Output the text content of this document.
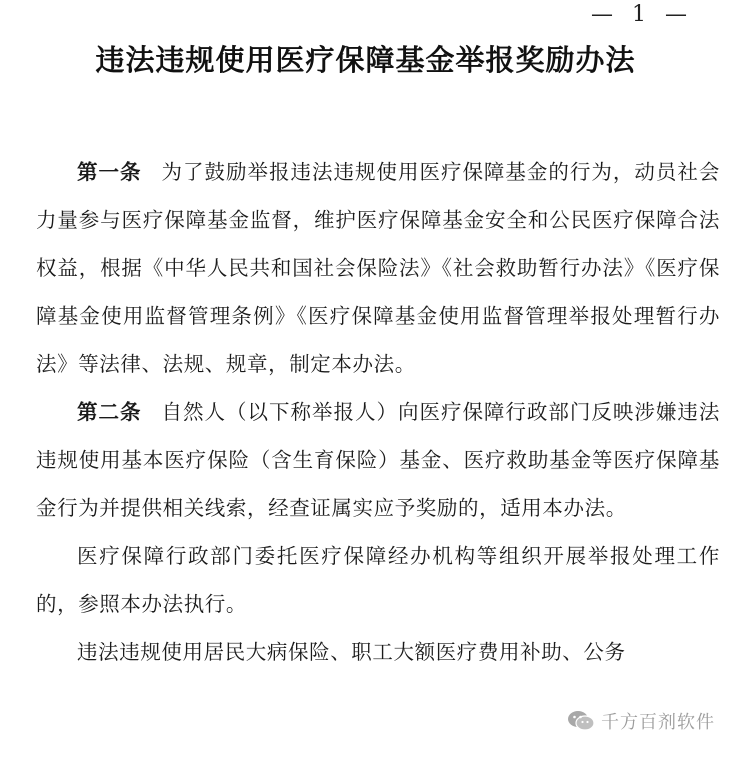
— 1 —
违法违规使用医疗保障基金举报奖励办法

第一条 为了鼓励举报违法违规使用医疗保障基金的行为，动员社会力量参与医疗保障基金监督，维护医疗保障基金安全和公民医疗保障合法权益，根据《中华人民共和国社会保险法》《社会救助暂行办法》《医疗保障基金使用监督管理条例》《医疗保障基金使用监督管理举报处理暂行办法》等法律、法规、规章，制定本办法。

第二条 自然人（以下称举报人）向医疗保障行政部门反映涉嫌违法违规使用基本医疗保险（含生育保险）基金、医疗救助基金等医疗保障基金行为并提供相关线索，经查证属实应予奖励的，适用本办法。

医疗保障行政部门委托医疗保障经办机构等组织开展举报处理工作的，参照本办法执行。

违法违规使用居民大病保险、职工大额医疗费用补助、公务

千方百剂软件
